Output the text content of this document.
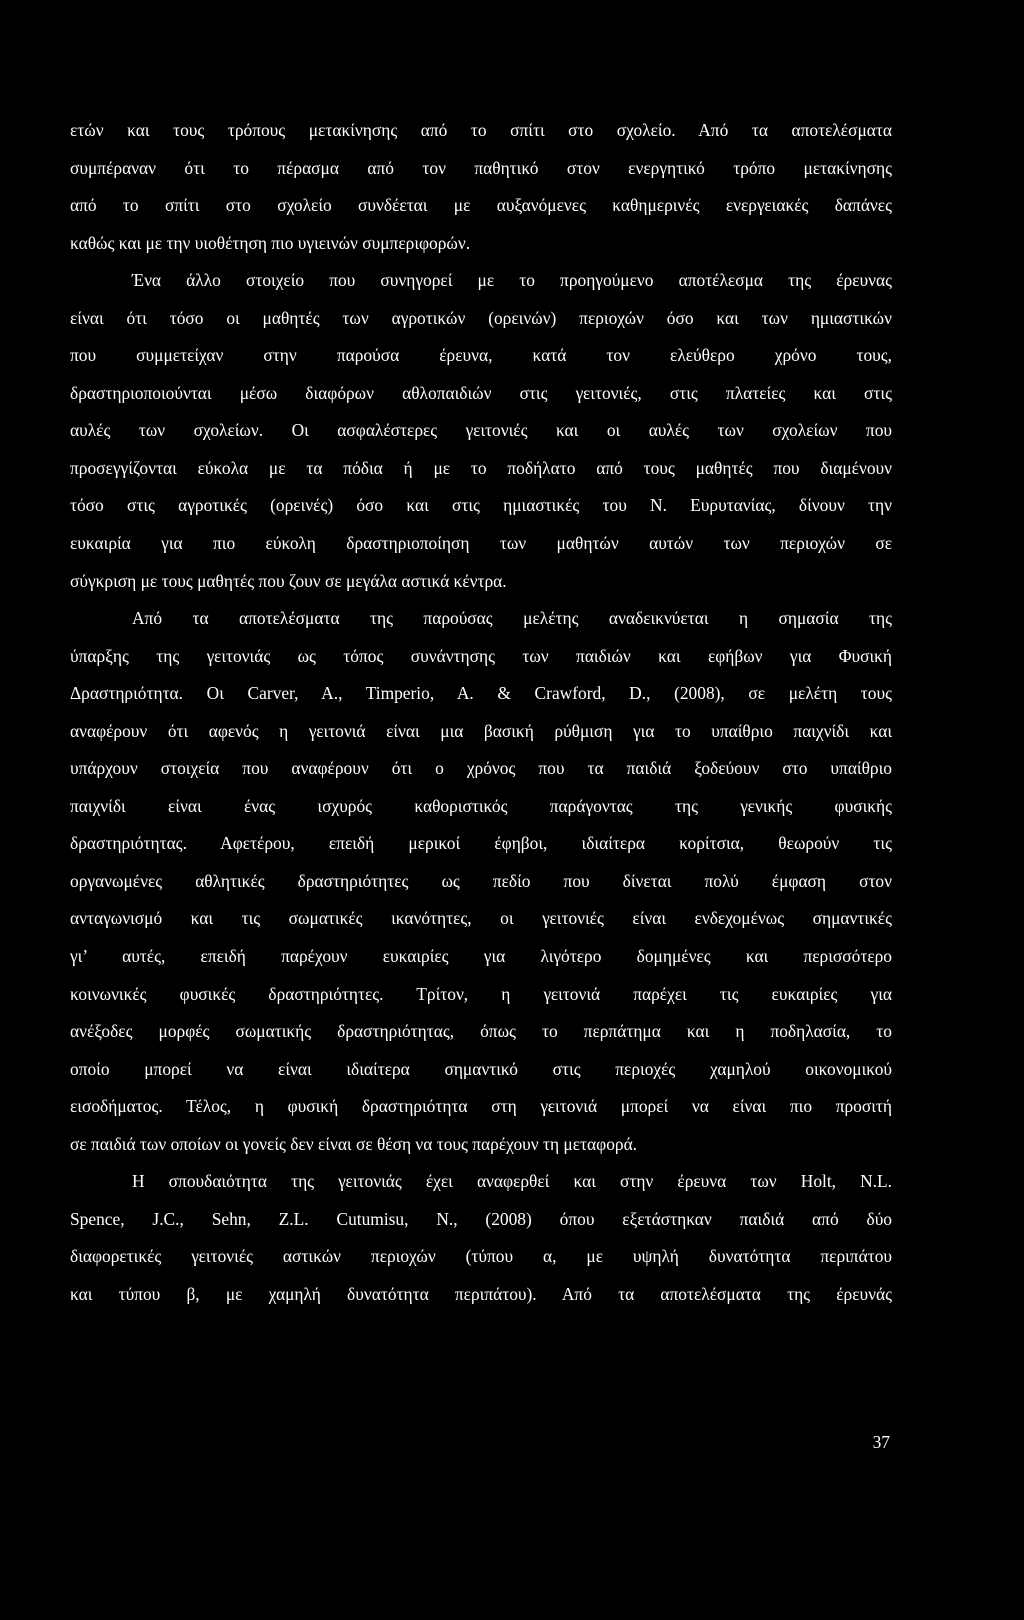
ετών και τους τρόπους μετακίνησης από το σπίτι στο σχολείο. Από τα αποτελέσματα
συμπέραναν ότι το πέρασμα από τον παθητικό στον ενεργητικό τρόπο μετακίνησης
από το σπίτι στο σχολείο συνδέεται με αυξανόμενες καθημερινές ενεργειακές δαπάνες
καθώς και με την υιοθέτηση πιο υγιεινών συμπεριφορών.
Ένα άλλο στοιχείο που συνηγορεί με το προηγούμενο αποτέλεσμα της έρευνας
είναι ότι τόσο οι μαθητές των αγροτικών (ορεινών) περιοχών όσο και των ημιαστικών
που συμμετείχαν στην παρούσα έρευνα, κατά τον ελεύθερο χρόνο τους,
δραστηριοποιούνται μέσω διαφόρων αθλοπαιδιών στις γειτονιές, στις πλατείες και στις
αυλές των σχολείων. Οι ασφαλέστερες γειτονιές και οι αυλές των σχολείων που
προσεγγίζονται εύκολα με τα πόδια ή με το ποδήλατο από τους μαθητές που διαμένουν
τόσο στις αγροτικές (ορεινές) όσο και στις ημιαστικές του Ν. Ευρυτανίας, δίνουν την
ευκαιρία για πιο εύκολη δραστηριοποίηση των μαθητών αυτών των περιοχών σε
σύγκριση με τους μαθητές που ζουν σε μεγάλα αστικά κέντρα.
Από τα αποτελέσματα της παρούσας μελέτης αναδεικνύεται η σημασία της
ύπαρξης της γειτονιάς ως τόπος συνάντησης των παιδιών και εφήβων για Φυσική
Δραστηριότητα. Οι Carver, A., Timperio, A. & Crawford, D., (2008), σε μελέτη τους
αναφέρουν ότι αφενός η γειτονιά είναι μια βασική ρύθμιση για το υπαίθριο παιχνίδι και
υπάρχουν στοιχεία που αναφέρουν ότι ο χρόνος που τα παιδιά ξοδεύουν στο υπαίθριο
παιχνίδι είναι ένας ισχυρός καθοριστικός παράγοντας της γενικής φυσικής
δραστηριότητας. Αφετέρου, επειδή μερικοί έφηβοι, ιδιαίτερα κορίτσια, θεωρούν τις
οργανωμένες αθλητικές δραστηριότητες ως πεδίο που δίνεται πολύ έμφαση στον
ανταγωνισμό και τις σωματικές ικανότητες, οι γειτονιές είναι ενδεχομένως σημαντικές
γι’ αυτές, επειδή παρέχουν ευκαιρίες για λιγότερο δομημένες και περισσότερο
κοινωνικές φυσικές δραστηριότητες. Τρίτον, η γειτονιά παρέχει τις ευκαιρίες για
ανέξοδες μορφές σωματικής δραστηριότητας, όπως το περπάτημα και η ποδηλασία, το
οποίο μπορεί να είναι ιδιαίτερα σημαντικό στις περιοχές χαμηλού οικονομικού
εισοδήματος. Τέλος, η φυσική δραστηριότητα στη γειτονιά μπορεί να είναι πιο προσιτή
σε παιδιά των οποίων οι γονείς δεν είναι σε θέση να τους παρέχουν τη μεταφορά.
Η σπουδαιότητα της γειτονιάς έχει αναφερθεί και στην έρευνα των Holt, N.L.
Spence, J.C., Sehn, Z.L. Cutumisu, N., (2008) όπου εξετάστηκαν παιδιά από δύο
διαφορετικές γειτονιές αστικών περιοχών (τύπου α, με υψηλή δυνατότητα περιπάτου
και τύπου β, με χαμηλή δυνατότητα περιπάτου). Από τα αποτελέσματα της έρευνάς
37
